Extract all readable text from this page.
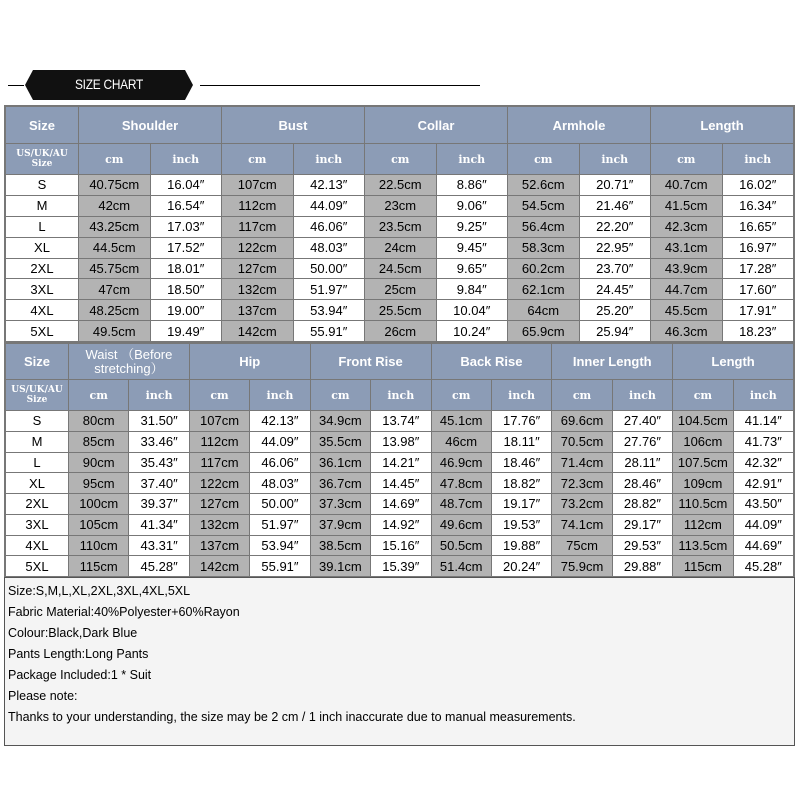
SIZE CHART
Size	Shoulder	Bust	Collar	Armhole	Length
US/UK/AU
Size	cm	inch	cm	inch	cm	inch	cm	inch	cm	inch
S	40.75cm	16.04″	107cm	42.13″	22.5cm	8.86″	52.6cm	20.71″	40.7cm	16.02″
M	42cm	16.54″	112cm	44.09″	23cm	9.06″	54.5cm	21.46″	41.5cm	16.34″
L	43.25cm	17.03″	117cm	46.06″	23.5cm	9.25″	56.4cm	22.20″	42.3cm	16.65″
XL	44.5cm	17.52″	122cm	48.03″	24cm	9.45″	58.3cm	22.95″	43.1cm	16.97″
2XL	45.75cm	18.01″	127cm	50.00″	24.5cm	9.65″	60.2cm	23.70″	43.9cm	17.28″
3XL	47cm	18.50″	132cm	51.97″	25cm	9.84″	62.1cm	24.45″	44.7cm	17.60″
4XL	48.25cm	19.00″	137cm	53.94″	25.5cm	10.04″	64cm	25.20″	45.5cm	17.91″
5XL	49.5cm	19.49″	142cm	55.91″	26cm	10.24″	65.9cm	25.94″	46.3cm	18.23″
Size	Waist （Before stretching）	Hip	Front Rise	Back Rise	Inner Length	Length
US/UK/AU
Size	cm	inch	cm	inch	cm	inch	cm	inch	cm	inch	cm	inch
S	80cm	31.50″	107cm	42.13″	34.9cm	13.74″	45.1cm	17.76″	69.6cm	27.40″	104.5cm	41.14″
M	85cm	33.46″	112cm	44.09″	35.5cm	13.98″	46cm	18.11″	70.5cm	27.76″	106cm	41.73″
L	90cm	35.43″	117cm	46.06″	36.1cm	14.21″	46.9cm	18.46″	71.4cm	28.11″	107.5cm	42.32″
XL	95cm	37.40″	122cm	48.03″	36.7cm	14.45″	47.8cm	18.82″	72.3cm	28.46″	109cm	42.91″
2XL	100cm	39.37″	127cm	50.00″	37.3cm	14.69″	48.7cm	19.17″	73.2cm	28.82″	110.5cm	43.50″
3XL	105cm	41.34″	132cm	51.97″	37.9cm	14.92″	49.6cm	19.53″	74.1cm	29.17″	112cm	44.09″
4XL	110cm	43.31″	137cm	53.94″	38.5cm	15.16″	50.5cm	19.88″	75cm	29.53″	113.5cm	44.69″
5XL	115cm	45.28″	142cm	55.91″	39.1cm	15.39″	51.4cm	20.24″	75.9cm	29.88″	115cm	45.28″
Size:S,M,L,XL,2XL,3XL,4XL,5XL
Fabric Material:40%Polyester+60%Rayon
Colour:Black,Dark Blue
Pants Length:Long Pants
Package Included:1 * Suit
Please note:
Thanks to your understanding, the size may be 2 cm / 1 inch inaccurate due to manual measurements.
